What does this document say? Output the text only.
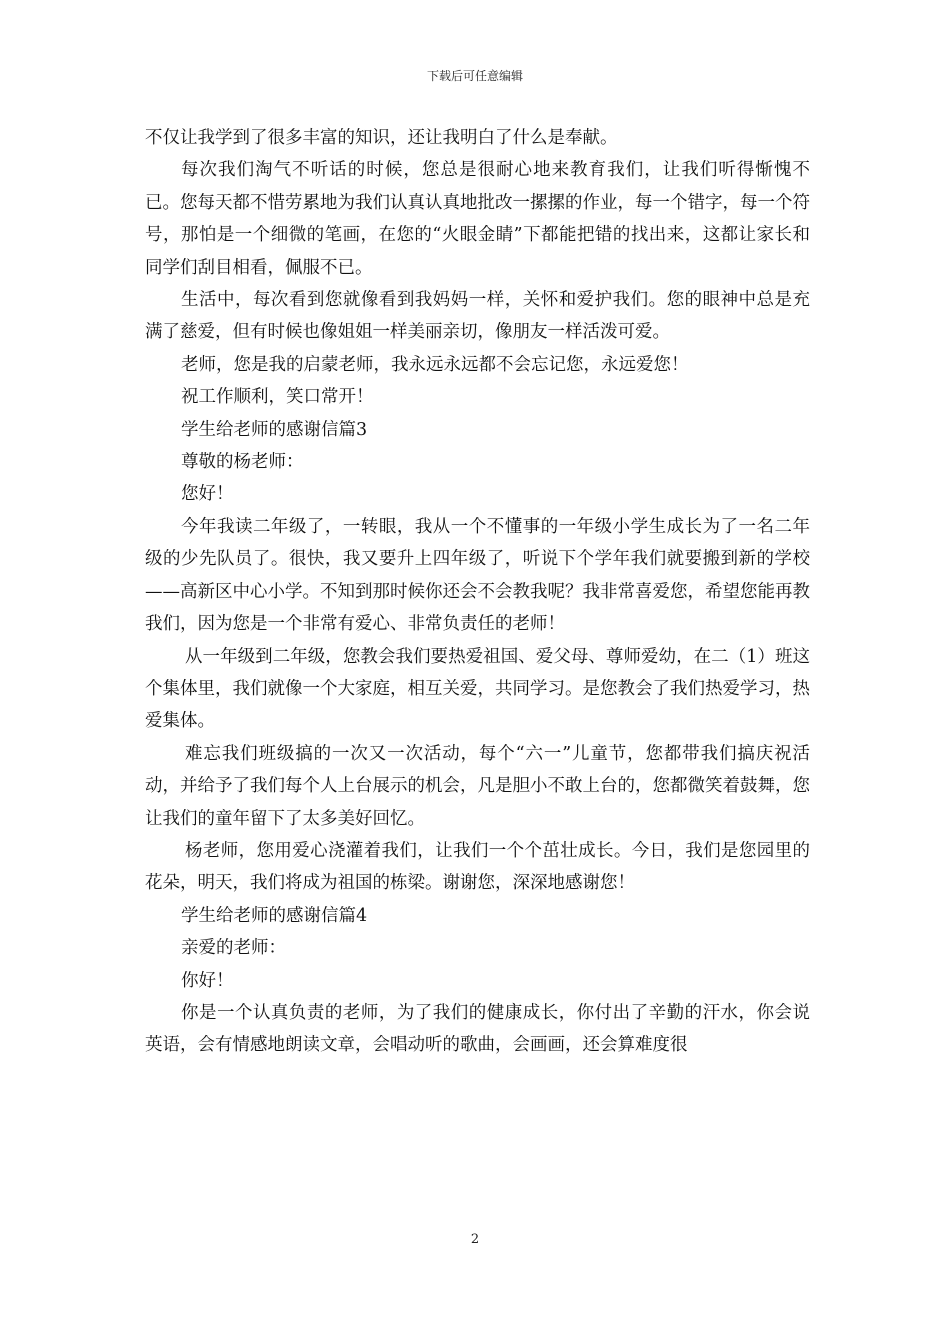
下载后可任意编辑

不仅让我学到了很多丰富的知识，还让我明白了什么是奉献。

每次我们淘气不听话的时候，您总是很耐心地来教育我们，让我们听得惭愧不已。您每天都不惜劳累地为我们认真认真地批改一摞摞的作业，每一个错字，每一个符号，那怕是一个细微的笔画，在您的“火眼金睛”下都能把错的找出来，这都让家长和同学们刮目相看，佩服不已。

生活中，每次看到您就像看到我妈妈一样，关怀和爱护我们。您的眼神中总是充满了慈爱，但有时候也像姐姐一样美丽亲切，像朋友一样活泼可爱。

老师，您是我的启蒙老师，我永远永远都不会忘记您，永远爱您！

祝工作顺利，笑口常开！

学生给老师的感谢信篇3

尊敬的杨老师：

您好！

今年我读二年级了，一转眼，我从一个不懂事的一年级小学生成长为了一名二年级的少先队员了。很快，我又要升上四年级了，听说下个学年我们就要搬到新的学校——高新区中心小学。不知到那时候你还会不会教我呢？我非常喜爱您，希望您能再教我们，因为您是一个非常有爱心、非常负责任的老师！

从一年级到二年级，您教会我们要热爱祖国、爱父母、尊师爱幼，在二（1）班这个集体里，我们就像一个大家庭，相互关爱，共同学习。是您教会了我们热爱学习，热爱集体。

难忘我们班级搞的一次又一次活动，每个“六一”儿童节，您都带我们搞庆祝活动，并给予了我们每个人上台展示的机会，凡是胆小不敢上台的，您都微笑着鼓舞，您让我们的童年留下了太多美好回忆。

杨老师，您用爱心浇灌着我们，让我们一个个茁壮成长。今日，我们是您园里的花朵，明天，我们将成为祖国的栋梁。谢谢您，深深地感谢您！

学生给老师的感谢信篇4

亲爱的老师：

你好！

你是一个认真负责的老师，为了我们的健康成长，你付出了辛勤的汗水，你会说英语，会有情感地朗读文章，会唱动听的歌曲，会画画，还会算难度很

2
